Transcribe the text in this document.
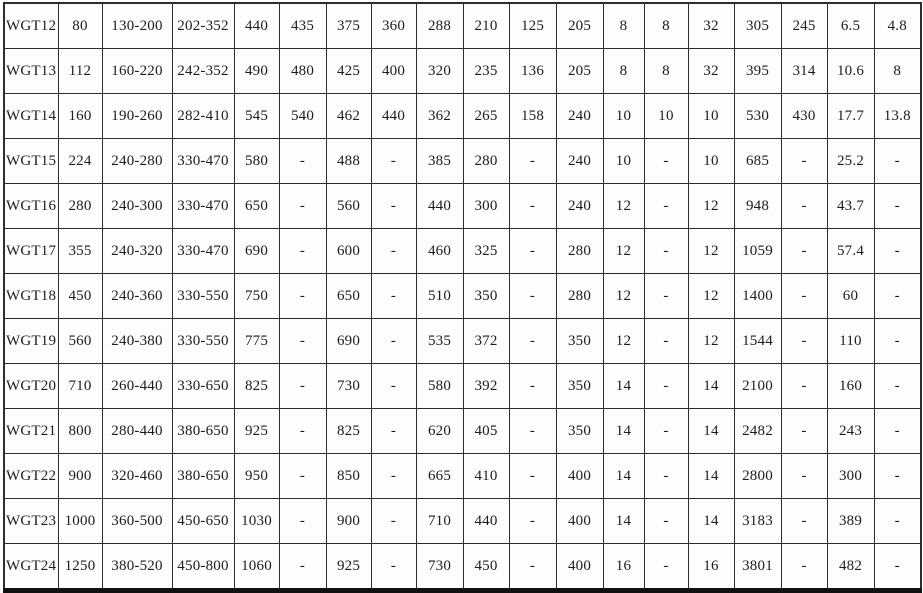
WGT12	80	130-200	202-352	440	435	375	360	288	210	125	205	8	8	32	305	245	6.5	4.8
WGT13	112	160-220	242-352	490	480	425	400	320	235	136	205	8	8	32	395	314	10.6	8
WGT14	160	190-260	282-410	545	540	462	440	362	265	158	240	10	10	10	530	430	17.7	13.8
WGT15	224	240-280	330-470	580	-	488	-	385	280	-	240	10	-	10	685	-	25.2	-
WGT16	280	240-300	330-470	650	-	560	-	440	300	-	240	12	-	12	948	-	43.7	-
WGT17	355	240-320	330-470	690	-	600	-	460	325	-	280	12	-	12	1059	-	57.4	-
WGT18	450	240-360	330-550	750	-	650	-	510	350	-	280	12	-	12	1400	-	60	-
WGT19	560	240-380	330-550	775	-	690	-	535	372	-	350	12	-	12	1544	-	110	-
WGT20	710	260-440	330-650	825	-	730	-	580	392	-	350	14	-	14	2100	-	160	-
WGT21	800	280-440	380-650	925	-	825	-	620	405	-	350	14	-	14	2482	-	243	-
WGT22	900	320-460	380-650	950	-	850	-	665	410	-	400	14	-	14	2800	-	300	-
WGT23	1000	360-500	450-650	1030	-	900	-	710	440	-	400	14	-	14	3183	-	389	-
WGT24	1250	380-520	450-800	1060	-	925	-	730	450	-	400	16	-	16	3801	-	482	-
